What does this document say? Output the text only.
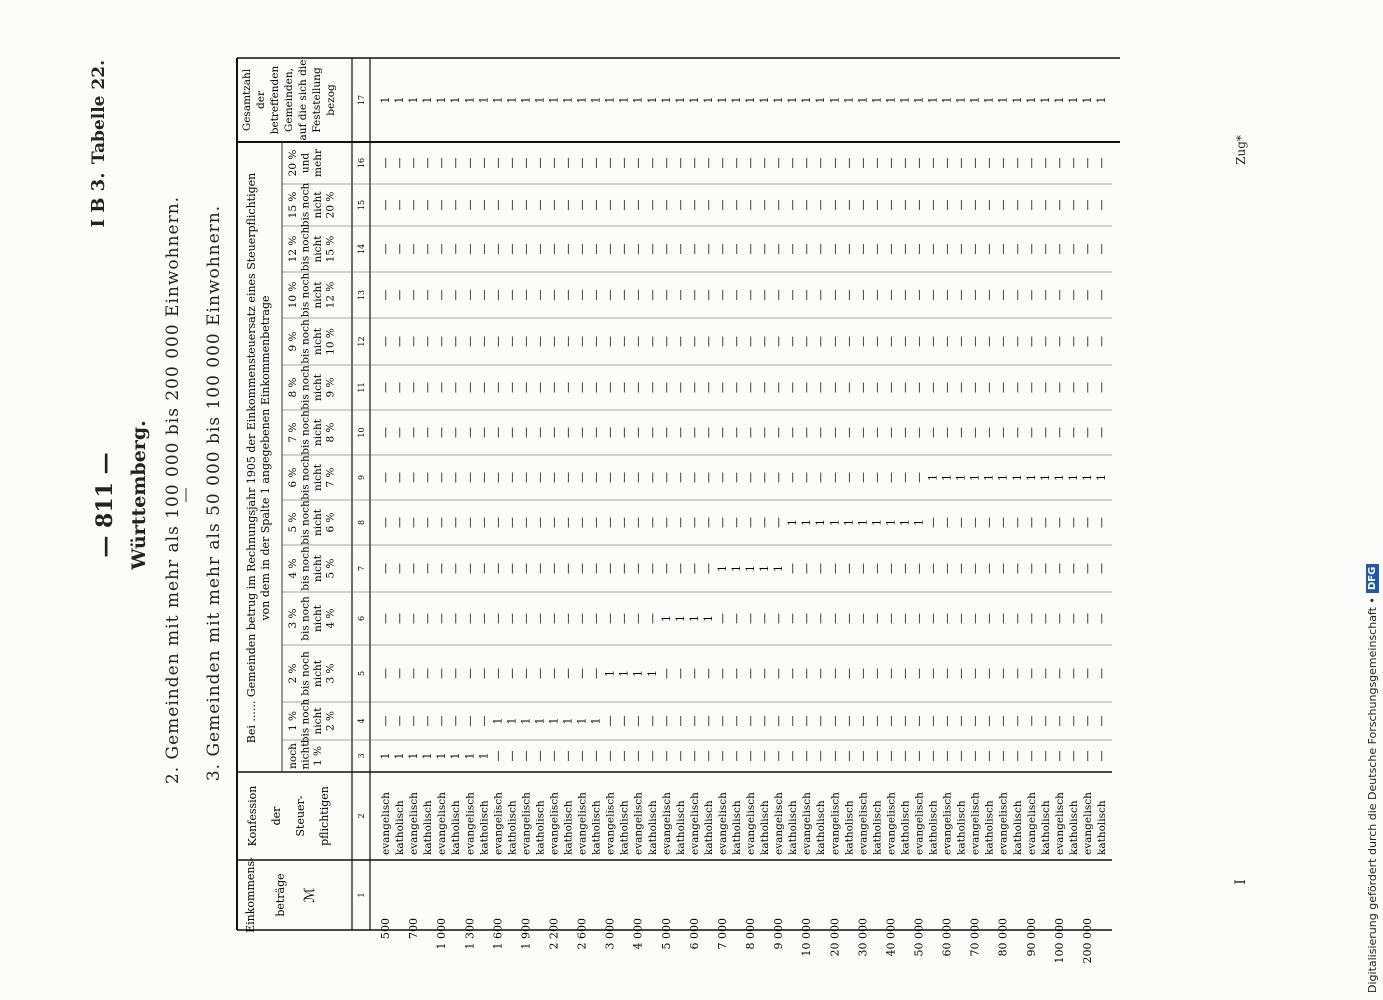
— 811 —
I B 3.
Tabelle 22.
Württemberg. 2. Gemeinden mit mehr als 100 000 bis 200 000 Einwohnern. 3. Gemeinden mit mehr als 50 000 bis 100 000 Einwohnern.
I
Zug*
Einkommens- beträge ℳ
Konfession der Steuer- pflichtigen
Bei ...... Gemeinden betrug im Rechnungsjahr 1905 der Einkommensteuersatz eines Steuerpflichtigen von dem in der Spalte 1 angegebenen Einkommenbetrage
noch nicht 1 %
1 % bis noch nicht 2 %
2 % bis noch nicht 3 %
3 % bis noch nicht 4 %
4 % bis noch nicht 5 %
5 % bis noch nicht 6 %
6 % bis noch nicht 7 %
7 % bis noch nicht 8 %
8 % bis noch nicht 9 %
9 % bis noch nicht 10 %
10 % bis noch nicht 12 %
12 % bis noch nicht 15 %
15 % bis noch nicht 20 %
20 % und mehr
Gesamtzahl der betreffenden Gemeinden, auf die sich die Feststellung bezog
1
2
3
4
5
6
7
8
9
10
11
12
13
14
15
16
17
500
evangelisch
1
—
—
—
—
—
—
—
—
—
—
—
—
—
1
katholisch
1
—
—
—
—
—
—
—
—
—
—
—
—
—
1
700
evangelisch
1
—
—
—
—
—
—
—
—
—
—
—
—
—
1
katholisch
1
—
—
—
—
—
—
—
—
—
—
—
—
—
1
1 000
evangelisch
1
—
—
—
—
—
—
—
—
—
—
—
—
—
1
katholisch
1
—
—
—
—
—
—
—
—
—
—
—
—
—
1
1 300
evangelisch
1
—
—
—
—
—
—
—
—
—
—
—
—
—
1
katholisch
1
—
—
—
—
—
—
—
—
—
—
—
—
—
1
1 600
evangelisch
—
1
—
—
—
—
—
—
—
—
—
—
—
—
1
katholisch
—
1
—
—
—
—
—
—
—
—
—
—
—
—
1
1 900
evangelisch
—
1
—
—
—
—
—
—
—
—
—
—
—
—
1
katholisch
—
1
—
—
—
—
—
—
—
—
—
—
—
—
1
2 200
evangelisch
—
1
—
—
—
—
—
—
—
—
—
—
—
—
1
katholisch
—
1
—
—
—
—
—
—
—
—
—
—
—
—
1
2 600
evangelisch
—
1
—
—
—
—
—
—
—
—
—
—
—
—
1
katholisch
—
1
—
—
—
—
—
—
—
—
—
—
—
—
1
3 000
evangelisch
—
—
1
—
—
—
—
—
—
—
—
—
—
—
1
katholisch
—
—
1
—
—
—
—
—
—
—
—
—
—
—
1
4 000
evangelisch
—
—
1
—
—
—
—
—
—
—
—
—
—
—
1
katholisch
—
—
1
—
—
—
—
—
—
—
—
—
—
—
1
5 000
evangelisch
—
—
—
1
—
—
—
—
—
—
—
—
—
—
1
katholisch
—
—
—
1
—
—
—
—
—
—
—
—
—
—
1
6 000
evangelisch
—
—
—
1
—
—
—
—
—
—
—
—
—
—
1
katholisch
—
—
—
1
—
—
—
—
—
—
—
—
—
—
1
7 000
evangelisch
—
—
—
—
1
—
—
—
—
—
—
—
—
—
1
katholisch
—
—
—
—
1
—
—
—
—
—
—
—
—
—
1
8 000
evangelisch
—
—
—
—
1
—
—
—
—
—
—
—
—
—
1
katholisch
—
—
—
—
1
—
—
—
—
—
—
—
—
—
1
9 000
evangelisch
—
—
—
—
1
—
—
—
—
—
—
—
—
—
1
katholisch
—
—
—
—
—
1
—
—
—
—
—
—
—
—
1
10 000
evangelisch
—
—
—
—
—
1
—
—
—
—
—
—
—
—
1
katholisch
—
—
—
—
—
1
—
—
—
—
—
—
—
—
1
20 000
evangelisch
—
—
—
—
—
1
—
—
—
—
—
—
—
—
1
katholisch
—
—
—
—
—
1
—
—
—
—
—
—
—
—
1
30 000
evangelisch
—
—
—
—
—
1
—
—
—
—
—
—
—
—
1
katholisch
—
—
—
—
—
1
—
—
—
—
—
—
—
—
1
40 000
evangelisch
—
—
—
—
—
1
—
—
—
—
—
—
—
—
1
katholisch
—
—
—
—
—
1
—
—
—
—
—
—
—
—
1
50 000
evangelisch
—
—
—
—
—
1
—
—
—
—
—
—
—
—
1
katholisch
—
—
—
—
—
—
1
—
—
—
—
—
—
—
1
60 000
evangelisch
—
—
—
—
—
—
1
—
—
—
—
—
—
—
1
katholisch
—
—
—
—
—
—
1
—
—
—
—
—
—
—
1
70 000
evangelisch
—
—
—
—
—
—
1
—
—
—
—
—
—
—
1
katholisch
—
—
—
—
—
—
1
—
—
—
—
—
—
—
1
80 000
evangelisch
—
—
—
—
—
—
1
—
—
—
—
—
—
—
1
katholisch
—
—
—
—
—
—
1
—
—
—
—
—
—
—
1
90 000
evangelisch
—
—
—
—
—
—
1
—
—
—
—
—
—
—
1
katholisch
—
—
—
—
—
—
1
—
—
—
—
—
—
—
1
100 000
evangelisch
—
—
—
—
—
—
1
—
—
—
—
—
—
—
1
katholisch
—
—
—
—
—
—
1
—
—
—
—
—
—
—
1
200 000
evangelisch
—
—
—
—
—
—
1
—
—
—
—
—
—
—
1
katholisch
—
—
—
—
—
—
1
—
—
—
—
—
—
—
1
Digitalisierung gefördert durch die Deutsche Forschungsgemeinschaft •
DFG
